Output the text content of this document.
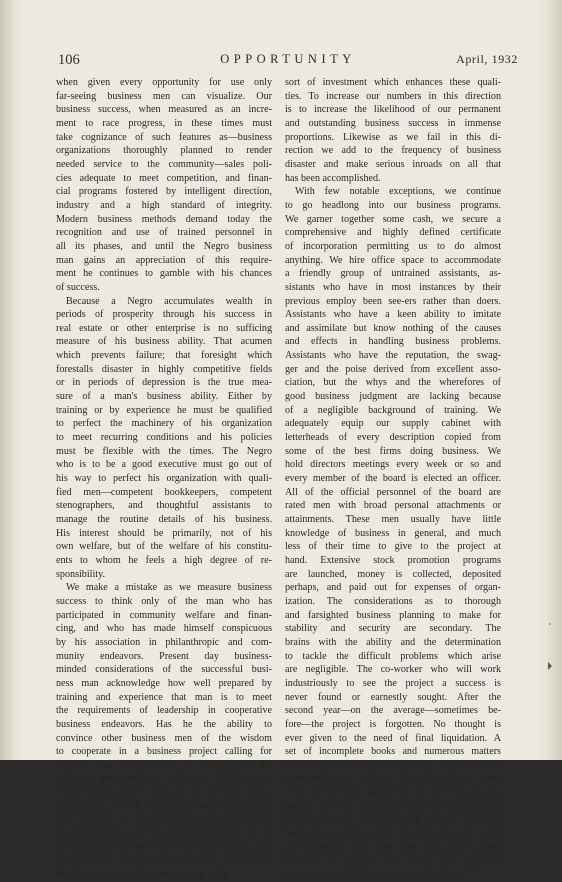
106	OPPORTUNITY	April, 1932
when given every opportunity for use only
far-seeing business men can visualize. Our
business success, when measured as an incre-
ment to race progress, in these times must
take cognizance of such features as—business
organizations thoroughly planned to render
needed service to the community—sales poli-
cies adequate to meet competition, and finan-
cial programs fostered by intelligent direction,
industry and a high standard of integrity.
Modern business methods demand today the
recognition and use of trained personnel in
all its phases, and until the Negro business
man gains an appreciation of this require-
ment he continues to gamble with his chances
of success.
Because a Negro accumulates wealth in
periods of prosperity through his success in
real estate or other enterprise is no sufficing
measure of his business ability. That acumen
which prevents failure; that foresight which
forestalls disaster in highly competitive fields
or in periods of depression is the true mea-
sure of a man's business ability. Either by
training or by experience he must be qualified
to perfect the machinery of his organization
to meet recurring conditions and his policies
must be flexible with the times. The Negro
who is to be a good executive must go out of
his way to perfect his organization with quali-
fied men—competent bookkeepers, competent
stenographers, and thoughtful assistants to
manage the routine details of his business.
His interest should be primarily, not of his
own welfare, but of the welfare of his constitu-
ents to whom he feels a high degree of re-
sponsibility.
We make a mistake as we measure business
success to think only of the man who has
participated in community welfare and finan-
cing, and who has made himself conspicuous
by his association in philanthropic and com-
munity endeavors. Present day business-
minded considerations of the successful busi-
ness man acknowledge how well prepared by
training and experience that man is to meet
the requirements of leadership in cooperative
business endeavors. Has he the ability to
convince other business men of the wisdom
to cooperate in a business project calling for
capital? Can he summon to his support the
requisite personnel to assist in the manage-
ment of his capital? Can he establish busi-
ness policies which will insure success for more
than a year or two? Can he convince other
business men and the public that he is so
dyed-in-the-wool serious in his intent that the
program of business development undertaken
must be a success? Business training is the
sort of investment which enhances these quali-
ties. To increase our numbers in this direction
is to increase the likelihood of our permanent
and outstanding business success in immense
proportions. Likewise as we fail in this di-
rection we add to the frequency of business
disaster and make serious inroads on all that
has been accomplished.
With few notable exceptions, we continue
to go headlong into our business programs.
We garner together some cash, we secure a
comprehensive and highly defined certificate
of incorporation permitting us to do almost
anything. We hire office space to accommodate
a friendly group of untrained assistants, as-
sistants who have in most instances by their
previous employ been see-ers rather than doers.
Assistants who have a keen ability to imitate
and assimilate but know nothing of the causes
and effects in handling business problems.
Assistants who have the reputation, the swag-
ger and the poise derived from excellent asso-
ciation, but the whys and the wherefores of
good business judgment are lacking because
of a negligible background of training. We
adequately equip our supply cabinet with
letterheads of every description copied from
some of the best firms doing business. We
hold directors meetings every week or so and
every member of the board is elected an officer.
All of the official personnel of the board are
rated men with broad personal attachments or
attainments. These men usually have little
knowledge of business in general, and much
less of their time to give to the project at
hand. Extensive stock promotion programs
are launched, money is collected, deposited
perhaps, and paid out for expenses of organ-
ization. The considerations as to thorough
and farsighted business planning to make for
stability and security are secondary. The
brains with the ability and the determination
to tackle the difficult problems which arise
are negligible. The co-worker who will work
industriously to see the project a success is
never found or earnestly sought. After the
second year—on the average—sometimes be-
fore—the project is forgotten. No thought is
ever given to the need of final liquidation. A
set of incomplete books and numerous matters
of correspondence are piled up in the corner
somewhere to indicate that somehow, some
time, something happened of an enterprising
nature. Another milestone has been placed in
the far distant future to be sought after by
another generation. We satisfy ourselves that
the calamity was just one of those things
destined to happen. We smoke our pipe of
contentment in the thought that such calami-
